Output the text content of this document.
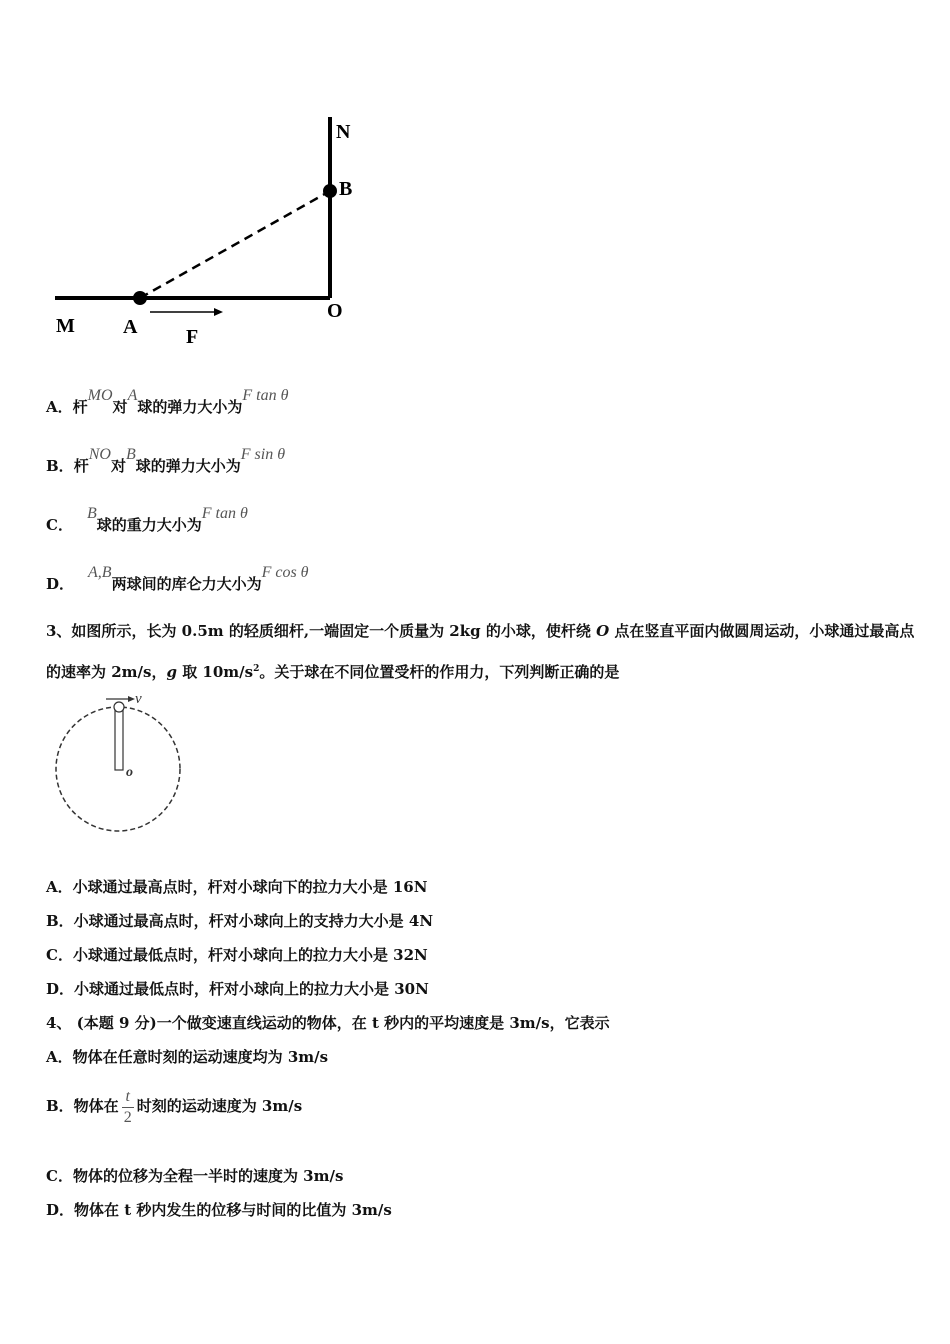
N
B
O
M A F
A．杆MO对A球的弹力大小为F tan θ
B．杆NO对B球的弹力大小为F sin θ
C．B球的重力大小为F tan θ
D．A,B两球间的库仑力大小为F cos θ
3、如图所示，长为 0.5m 的轻质细杆,一端固定一个质量为 2kg 的小球，使杆绕 O 点在竖直平面内做圆周运动，小球通过最高点的速率为 2m/s，g 取 $10m/s^2$。关于球在不同位置受杆的作用力，下列判断正确的是
v
o
A．小球通过最高点时，杆对小球向下的拉力大小是 16N
B．小球通过最高点时，杆对小球向上的支持力大小是 4N
C．小球通过最低点时，杆对小球向上的拉力大小是 32N
D．小球通过最低点时，杆对小球向上的拉力大小是 30N
4、 (本题 9 分)一个做变速直线运动的物体，在 t 秒内的平均速度是 3m/s，它表示
A．物体在任意时刻的运动速度均为 3m/s
B．物体在 $\frac{t}{2}$ 时刻的运动速度为 3m/s
C．物体的位移为全程一半时的速度为 3m/s
D．物体在 t 秒内发生的位移与时间的比值为 3m/s
